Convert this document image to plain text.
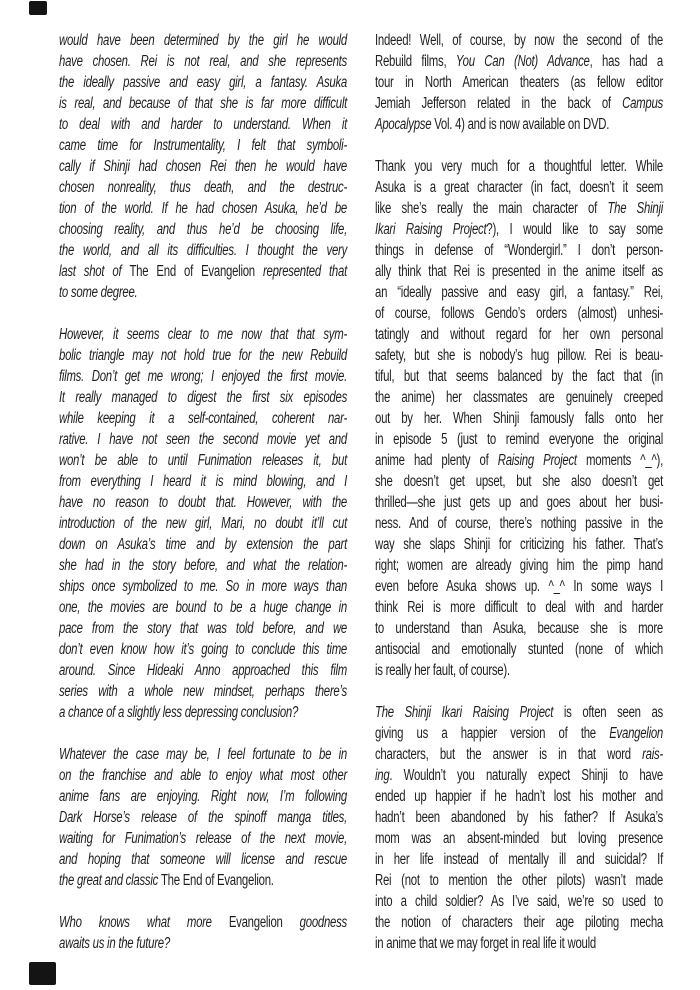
would have been determined by the girl he would
have chosen. Rei is not real, and she represents
the ideally passive and easy girl, a fantasy. Asuka
is real, and because of that she is far more difficult
to deal with and harder to understand. When it
came time for Instrumentality, I felt that symboli-
cally if Shinji had chosen Rei then he would have
chosen nonreality, thus death, and the destruc-
tion of the world. If he had chosen Asuka, he’d be
choosing reality, and thus he’d be choosing life,
the world, and all its difficulties. I thought the very
last shot of The End of Evangelion represented that
to some degree.
However, it seems clear to me now that that sym-
bolic triangle may not hold true for the new Rebuild
films. Don’t get me wrong; I enjoyed the first movie.
It really managed to digest the first six episodes
while keeping it a self-contained, coherent nar-
rative. I have not seen the second movie yet and
won’t be able to until Funimation releases it, but
from everything I heard it is mind blowing, and I
have no reason to doubt that. However, with the
introduction of the new girl, Mari, no doubt it’ll cut
down on Asuka’s time and by extension the part
she had in the story before, and what the relation-
ships once symbolized to me. So in more ways than
one, the movies are bound to be a huge change in
pace from the story that was told before, and we
don’t even know how it’s going to conclude this time
around. Since Hideaki Anno approached this film
series with a whole new mindset, perhaps there’s
a chance of a slightly less depressing conclusion?
Whatever the case may be, I feel fortunate to be in
on the franchise and able to enjoy what most other
anime fans are enjoying. Right now, I’m following
Dark Horse’s release of the spinoff manga titles,
waiting for Funimation’s release of the next movie,
and hoping that someone will license and rescue
the great and classic The End of Evangelion.
Who knows what more Evangelion goodness
awaits us in the future?
Indeed! Well, of course, by now the second of the
Rebuild films, You Can (Not) Advance, has had a
tour in North American theaters (as fellow editor
Jemiah Jefferson related in the back of Campus
Apocalypse Vol. 4) and is now available on DVD.
Thank you very much for a thoughtful letter. While
Asuka is a great character (in fact, doesn’t it seem
like she’s really the main character of The Shinji
Ikari Raising Project?), I would like to say some
things in defense of “Wondergirl.” I don’t person-
ally think that Rei is presented in the anime itself as
an “ideally passive and easy girl, a fantasy.” Rei,
of course, follows Gendo’s orders (almost) unhesi-
tatingly and without regard for her own personal
safety, but she is nobody’s hug pillow. Rei is beau-
tiful, but that seems balanced by the fact that (in
the anime) her classmates are genuinely creeped
out by her. When Shinji famously falls onto her
in episode 5 (just to remind everyone the original
anime had plenty of Raising Project moments ^_^),
she doesn’t get upset, but she also doesn’t get
thrilled—she just gets up and goes about her busi-
ness. And of course, there’s nothing passive in the
way she slaps Shinji for criticizing his father. That’s
right; women are already giving him the pimp hand
even before Asuka shows up. ^_^ In some ways I
think Rei is more difficult to deal with and harder
to understand than Asuka, because she is more
antisocial and emotionally stunted (none of which
is really her fault, of course).
The Shinji Ikari Raising Project is often seen as
giving us a happier version of the Evangelion
characters, but the answer is in that word rais-
ing. Wouldn’t you naturally expect Shinji to have
ended up happier if he hadn’t lost his mother and
hadn’t been abandoned by his father? If Asuka’s
mom was an absent-minded but loving presence
in her life instead of mentally ill and suicidal? If
Rei (not to mention the other pilots) wasn’t made
into a child soldier? As I’ve said, we’re so used to
the notion of characters their age piloting mecha
in anime that we may forget in real life it would
